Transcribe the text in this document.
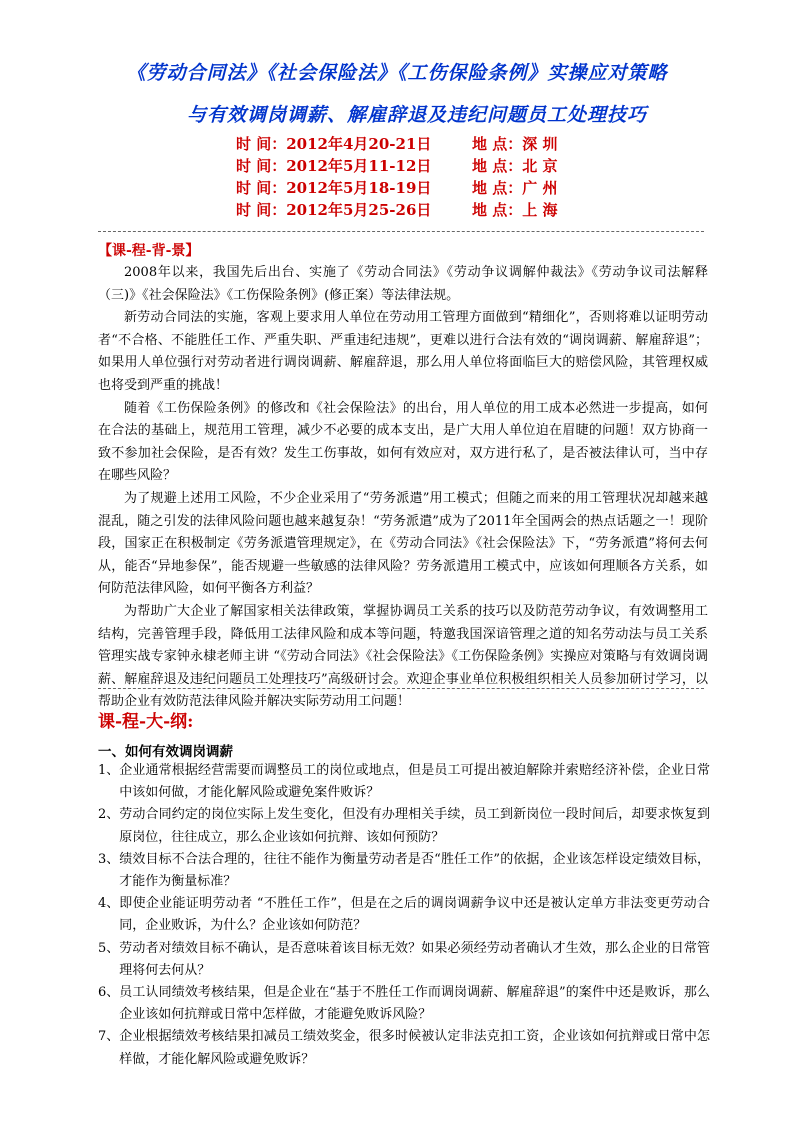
《劳动合同法》《社会保险法》《工伤保险条例》实操应对策略
与有效调岗调薪、解雇辞退及违纪问题员工处理技巧
时 间：2012年4月20-21日	地 点：深 圳
时 间：2012年5月11-12日	地 点：北 京
时 间：2012年5月18-19日	地 点：广 州
时 间：2012年5月25-26日	地 点：上 海
【课-程-背-景】

2008年以来，我国先后出台、实施了《劳动合同法》《劳动争议调解仲裁法》《劳动争议司法解释（三)》《社会保险法》《工伤保险条例》(修正案）等法律法规。

新劳动合同法的实施，客观上要求用人单位在劳动用工管理方面做到“精细化”，否则将难以证明劳动者“不合格、不能胜任工作、严重失职、严重违纪违规”，更难以进行合法有效的“调岗调薪、解雇辞退”；如果用人单位强行对劳动者进行调岗调薪、解雇辞退，那么用人单位将面临巨大的赔偿风险，其管理权威也将受到严重的挑战！

随着《工伤保险条例》的修改和《社会保险法》的出台，用人单位的用工成本必然进一步提高，如何在合法的基础上，规范用工管理，减少不必要的成本支出，是广大用人单位迫在眉睫的问题！双方协商一致不参加社会保险，是否有效？发生工伤事故，如何有效应对，双方进行私了，是否被法律认可，当中存在哪些风险？

为了规避上述用工风险，不少企业采用了“劳务派遣”用工模式；但随之而来的用工管理状况却越来越混乱，随之引发的法律风险问题也越来越复杂！“劳务派遣”成为了2011年全国两会的热点话题之一！现阶段，国家正在积极制定《劳务派遣管理规定》，在《劳动合同法》《社会保险法》下，“劳务派遣”将何去何从，能否“异地参保”，能否规避一些敏感的法律风险？劳务派遣用工模式中，应该如何理顺各方关系，如何防范法律风险，如何平衡各方利益？

为帮助广大企业了解国家相关法律政策，掌握协调员工关系的技巧以及防范劳动争议，有效调整用工结构，完善管理手段，降低用工法律风险和成本等问题，特邀我国深谙管理之道的知名劳动法与员工关系管理实战专家钟永棣老师主讲 “《劳动合同法》《社会保险法》《工伤保险条例》实操应对策略与有效调岗调薪、解雇辞退及违纪问题员工处理技巧”高级研讨会。欢迎企事业单位积极组织相关人员参加研讨学习，以帮助企业有效防范法律风险并解决实际劳动用工问题！

课-程-大-纲:
一、如何有效调岗调薪
1、 企业通常根据经营需要而调整员工的岗位或地点，但是员工可提出被迫解除并索赔经济补偿，企业日常中该如何做，才能化解风险或避免案件败诉？
2、 劳动合同约定的岗位实际上发生变化，但没有办理相关手续，员工到新岗位一段时间后，却要求恢复到原岗位，往往成立，那么企业该如何抗辩、该如何预防？
3、 绩效目标不合法合理的，往往不能作为衡量劳动者是否“胜任工作”的依据，企业该怎样设定绩效目标，才能作为衡量标准？
4、 即使企业能证明劳动者 “不胜任工作”，但是在之后的调岗调薪争议中还是被认定单方非法变更劳动合同，企业败诉，为什么？企业该如何防范？
5、 劳动者对绩效目标不确认，是否意味着该目标无效？如果必须经劳动者确认才生效，那么企业的日常管理将何去何从？
6、 员工认同绩效考核结果，但是企业在“基于不胜任工作而调岗调薪、解雇辞退”的案件中还是败诉，那么企业该如何抗辩或日常中怎样做，才能避免败诉风险？
7、 企业根据绩效考核结果扣减员工绩效奖金，很多时候被认定非法克扣工资，企业该如何抗辩或日常中怎样做，才能化解风险或避免败诉？
